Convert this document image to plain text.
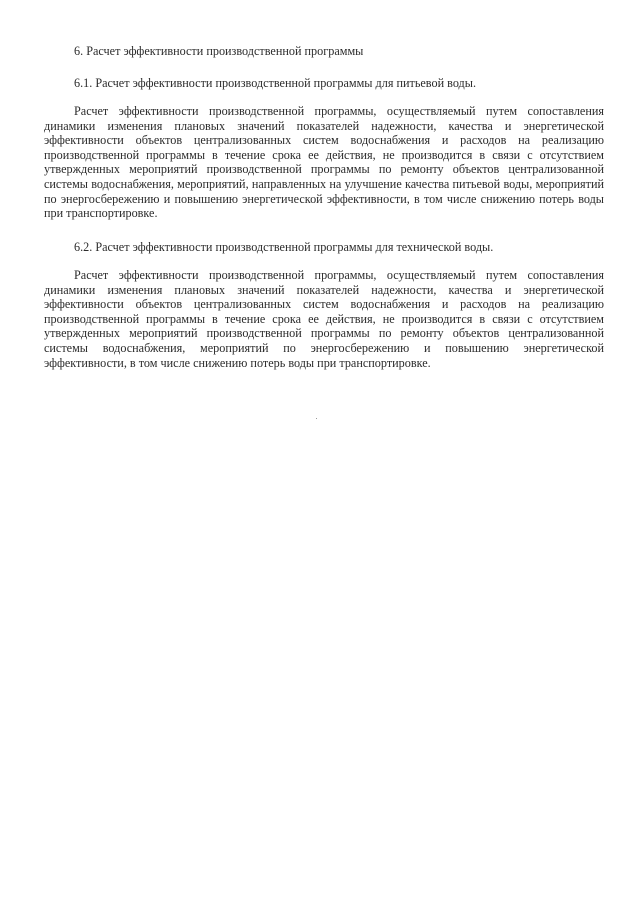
6. Расчет эффективности производственной программы
6.1. Расчет эффективности производственной программы для питьевой воды.

Расчет эффективности производственной программы, осуществляемый путем сопоставления динамики изменения плановых значений показателей надежности, качества и энергетической эффективности объектов централизованных систем водоснабжения и расходов на реализацию производственной программы в течение срока ее действия, не производится в связи с отсутствием утвержденных мероприятий производственной программы по ремонту объектов централизованной системы водоснабжения, мероприятий, направленных на улучшение качества питьевой воды, мероприятий по энергосбережению и повышению энергетической эффективности, в том числе снижению потерь воды при транспортировке.

6.2. Расчет эффективности производственной программы для технической воды.

Расчет эффективности производственной программы, осуществляемый путем сопоставления динамики изменения плановых значений показателей надежности, качества и энергетической эффективности объектов централизованных систем водоснабжения и расходов на реализацию производственной программы в течение срока ее действия, не производится в связи с отсутствием утвержденных мероприятий производственной программы по ремонту объектов централизованной системы водоснабжения, мероприятий по энергосбережению и повышению энергетической эффективности, в том числе снижению потерь воды при транспортировке.
